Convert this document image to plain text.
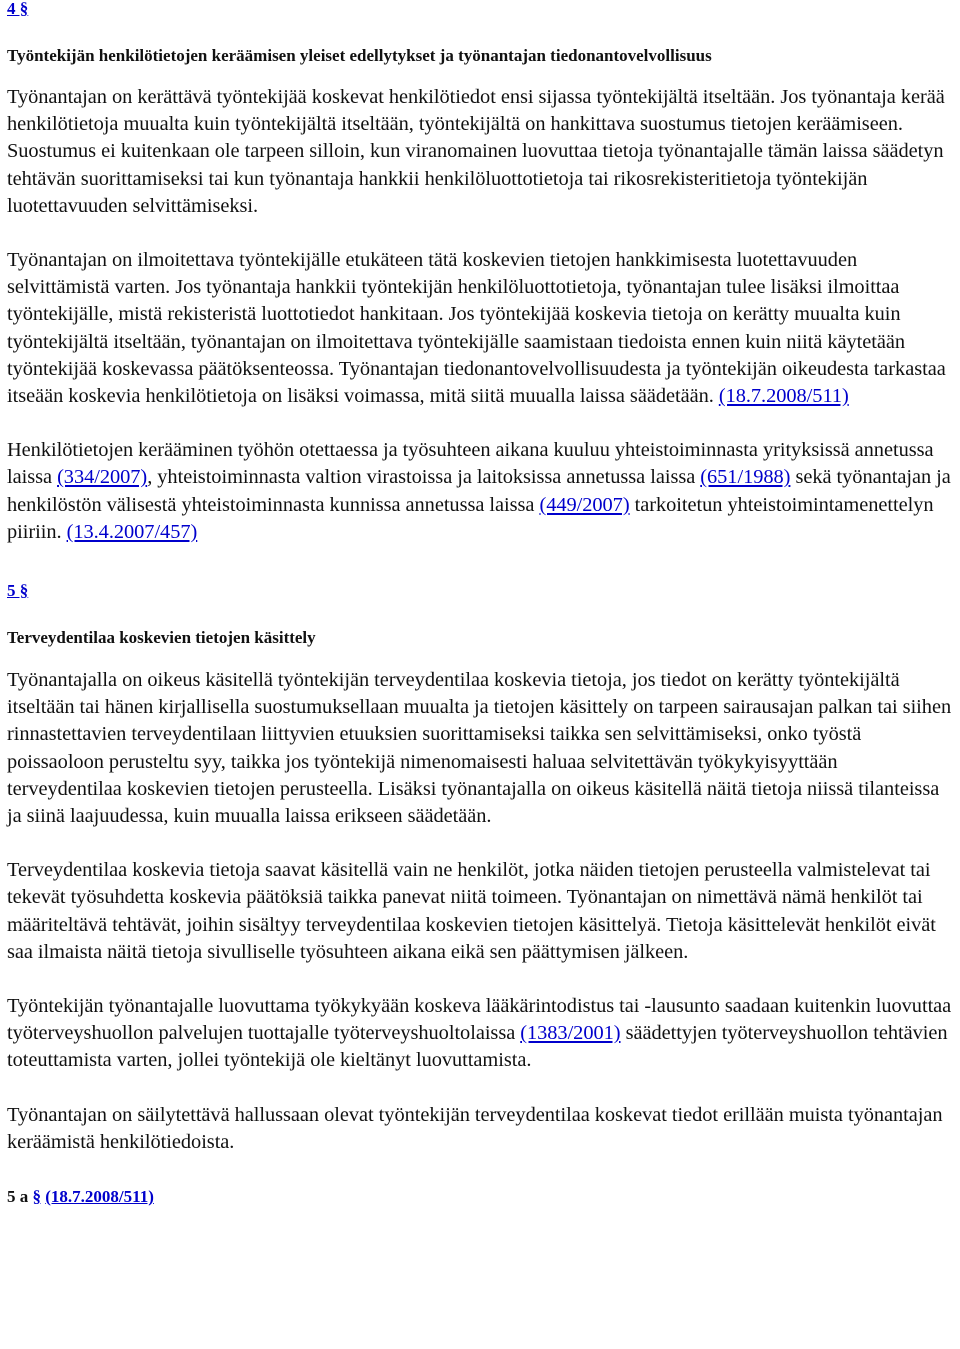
4 §
Työntekijän henkilötietojen keräämisen yleiset edellytykset ja työnantajan tiedonantovelvollisuus

Työnantajan on kerättävä työntekijää koskevat henkilötiedot ensi sijassa työntekijältä itseltään. Jos työnantaja kerää henkilötietoja muualta kuin työntekijältä itseltään, työntekijältä on hankittava suostumus tietojen keräämiseen. Suostumus ei kuitenkaan ole tarpeen silloin, kun viranomainen luovuttaa tietoja työnantajalle tämän laissa säädetyn tehtävän suorittamiseksi tai kun työnantaja hankkii henkilöluottotietoja tai rikosrekisteritietoja työntekijän luotettavuuden selvittämiseksi.

Työnantajan on ilmoitettava työntekijälle etukäteen tätä koskevien tietojen hankkimisesta luotettavuuden selvittämistä varten. Jos työnantaja hankkii työntekijän henkilöluottotietoja, työnantajan tulee lisäksi ilmoittaa työntekijälle, mistä rekisteristä luottotiedot hankitaan. Jos työntekijää koskevia tietoja on kerätty muualta kuin työntekijältä itseltään, työnantajan on ilmoitettava työntekijälle saamistaan tiedoista ennen kuin niitä käytetään työntekijää koskevassa päätöksenteossa. Työnantajan tiedonantovelvollisuudesta ja työntekijän oikeudesta tarkastaa itseään koskevia henkilötietoja on lisäksi voimassa, mitä siitä muualla laissa säädetään. (18.7.2008/511)

Henkilötietojen kerääminen työhön otettaessa ja työsuhteen aikana kuuluu yhteistoiminnasta yrityksissä annetussa laissa (334/2007), yhteistoiminnasta valtion virastoissa ja laitoksissa annetussa laissa (651/1988) sekä työnantajan ja henkilöstön välisestä yhteistoiminnasta kunnissa annetussa laissa (449/2007) tarkoitetun yhteistoimintamenettelyn piiriin. (13.4.2007/457)

5 §
Terveydentilaa koskevien tietojen käsittely

Työnantajalla on oikeus käsitellä työntekijän terveydentilaa koskevia tietoja, jos tiedot on kerätty työntekijältä itseltään tai hänen kirjallisella suostumuksellaan muualta ja tietojen käsittely on tarpeen sairausajan palkan tai siihen rinnastettavien terveydentilaan liittyvien etuuksien suorittamiseksi taikka sen selvittämiseksi, onko työstä poissaoloon perusteltu syy, taikka jos työntekijä nimenomaisesti haluaa selvitettävän työkykyisyyttään terveydentilaa koskevien tietojen perusteella. Lisäksi työnantajalla on oikeus käsitellä näitä tietoja niissä tilanteissa ja siinä laajuudessa, kuin muualla laissa erikseen säädetään.

Terveydentilaa koskevia tietoja saavat käsitellä vain ne henkilöt, jotka näiden tietojen perusteella valmistelevat tai tekevät työsuhdetta koskevia päätöksiä taikka panevat niitä toimeen. Työnantajan on nimettävä nämä henkilöt tai määriteltävä tehtävät, joihin sisältyy terveydentilaa koskevien tietojen käsittelyä. Tietoja käsittelevät henkilöt eivät saa ilmaista näitä tietoja sivulliselle työsuhteen aikana eikä sen päättymisen jälkeen.

Työntekijän työnantajalle luovuttama työkykyään koskeva lääkärintodistus tai -lausunto saadaan kuitenkin luovuttaa työterveyshuollon palvelujen tuottajalle työterveyshuoltolaissa (1383/2001) säädettyjen työterveyshuollon tehtävien toteuttamista varten, jollei työntekijä ole kieltänyt luovuttamista.

Työnantajan on säilytettävä hallussaan olevat työntekijän terveydentilaa koskevat tiedot erillään muista työnantajan keräämistä henkilötiedoista.

5 a § (18.7.2008/511)
